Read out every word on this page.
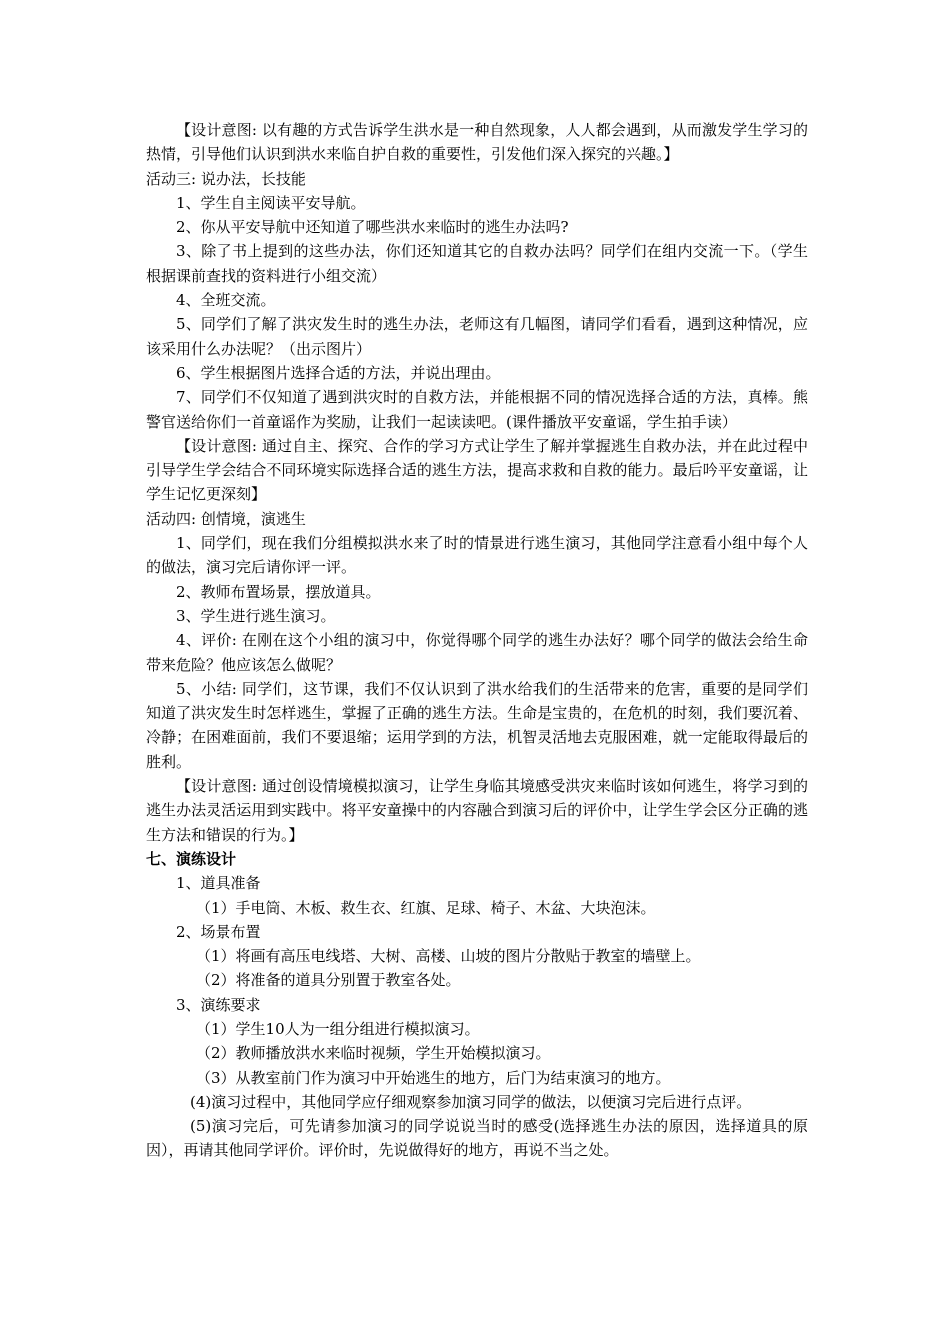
【设计意图: 以有趣的方式告诉学生洪水是一种自然现象，人人都会遇到，从而激发学生学习的热情，引导他们认识到洪水来临自护自救的重要性，引发他们深入探究的兴趣。】

活动三: 说办法，长技能

1、学生自主阅读平安导航。

2、你从平安导航中还知道了哪些洪水来临时的逃生办法吗?

3、除了书上提到的这些办法，你们还知道其它的自救办法吗？同学们在组内交流一下。（学生根据课前查找的资料进行小组交流）

4、全班交流。

5、同学们了解了洪灾发生时的逃生办法，老师这有几幅图，请同学们看看，遇到这种情况，应该采用什么办法呢？（出示图片）

6、学生根据图片选择合适的方法，并说出理由。

7、同学们不仅知道了遇到洪灾时的自救方法，并能根据不同的情况选择合适的方法，真棒。熊警官送给你们一首童谣作为奖励，让我们一起读读吧。(课件播放平安童谣，学生拍手读）

【设计意图: 通过自主、探究、合作的学习方式让学生了解并掌握逃生自救办法，并在此过程中引导学生学会结合不同环境实际选择合适的逃生方法，提高求救和自救的能力。最后吟平安童谣，让学生记忆更深刻】

活动四: 创情境，演逃生

1、同学们，现在我们分组模拟洪水来了时的情景进行逃生演习，其他同学注意看小组中每个人的做法，演习完后请你评一评。

2、教师布置场景，摆放道具。

3、学生进行逃生演习。

4、评价: 在刚在这个小组的演习中，你觉得哪个同学的逃生办法好？哪个同学的做法会给生命带来危险？他应该怎么做呢？

5、小结: 同学们，这节课，我们不仅认识到了洪水给我们的生活带来的危害，重要的是同学们知道了洪灾发生时怎样逃生，掌握了正确的逃生方法。生命是宝贵的，在危机的时刻，我们要沉着、冷静；在困难面前，我们不要退缩；运用学到的方法，机智灵活地去克服困难，就一定能取得最后的胜利。

【设计意图: 通过创设情境模拟演习，让学生身临其境感受洪灾来临时该如何逃生，将学习到的逃生办法灵活运用到实践中。将平安童操中的内容融合到演习后的评价中，让学生学会区分正确的逃生方法和错误的行为。】

七、演练设计

1、道具准备

（1）手电筒、木板、救生衣、红旗、足球、椅子、木盆、大块泡沫。

2、场景布置

（1）将画有高压电线塔、大树、高楼、山坡的图片分散贴于教室的墙壁上。

（2）将准备的道具分别置于教室各处。

3、演练要求

（1）学生10人为一组分组进行模拟演习。

（2）教师播放洪水来临时视频，学生开始模拟演习。

（3）从教室前门作为演习中开始逃生的地方，后门为结束演习的地方。

(4)演习过程中，其他同学应仔细观察参加演习同学的做法，以便演习完后进行点评。

(5)演习完后，可先请参加演习的同学说说当时的感受(选择逃生办法的原因，选择道具的原因），再请其他同学评价。评价时，先说做得好的地方，再说不当之处。
